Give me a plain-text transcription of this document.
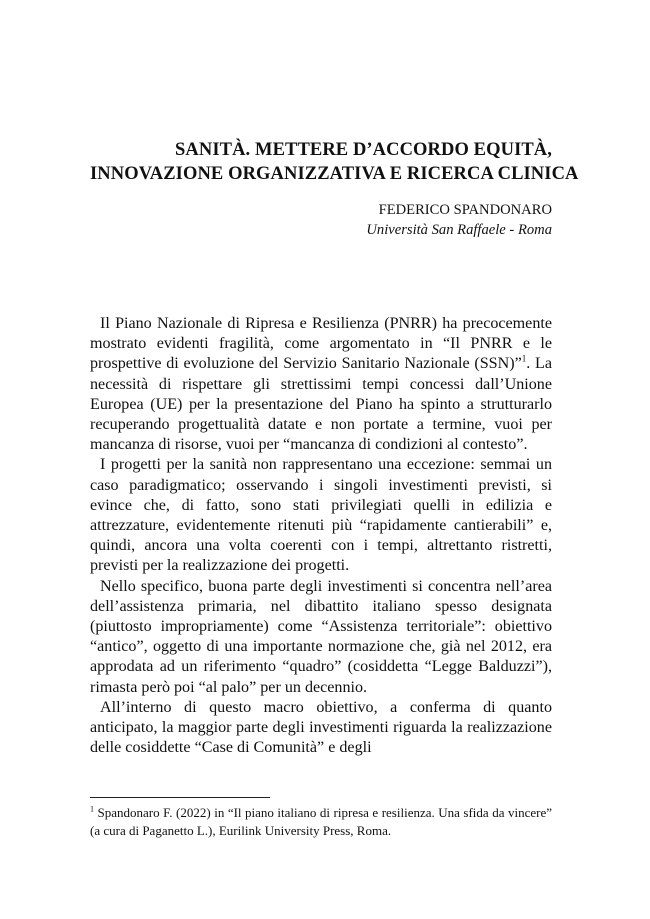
SANITÀ. METTERE D’ACCORDO EQUITÀ,
INNOVAZIONE ORGANIZZATIVA E RICERCA CLINICA
FEDERICO SPANDONARO
Università San Raffaele - Roma

Il Piano Nazionale di Ripresa e Resilienza (PNRR) ha precocemente mostrato evidenti fragilità, come argomentato in “Il PNRR e le prospettive di evoluzione del Servizio Sanitario Nazionale (SSN)”$^1$. La necessità di rispettare gli strettissimi tempi concessi dall’Unione Europea (UE) per la presentazione del Piano ha spinto a strutturarlo recuperando progettualità datate e non portate a termine, vuoi per mancanza di risorse, vuoi per “mancanza di condizioni al contesto”.

I progetti per la sanità non rappresentano una eccezione: semmai un caso paradigmatico; osservando i singoli investimenti previsti, si evince che, di fatto, sono stati privilegiati quelli in edilizia e attrezzature, evidentemente ritenuti più “rapidamente cantierabili” e, quindi, ancora una volta coerenti con i tempi, altrettanto ristretti, previsti per la realizzazione dei progetti.

Nello specifico, buona parte degli investimenti si concentra nell’area dell’assistenza primaria, nel dibattito italiano spesso designata (piuttosto impropriamente) come “Assistenza territoriale”: obiettivo “antico”, oggetto di una importante normazione che, già nel 2012, era approdata ad un riferimento “quadro” (cosiddetta “Legge Balduzzi”), rimasta però poi “al palo” per un decennio.

All’interno di questo macro obiettivo, a conferma di quanto anticipato, la maggior parte degli investimenti riguarda la realizzazione delle cosiddette “Case di Comunità” e degli

$^1$ Spandonaro F. (2022) in “Il piano italiano di ripresa e resilienza. Una sfida da vincere” (a cura di Paganetto L.), Eurilink University Press, Roma.
